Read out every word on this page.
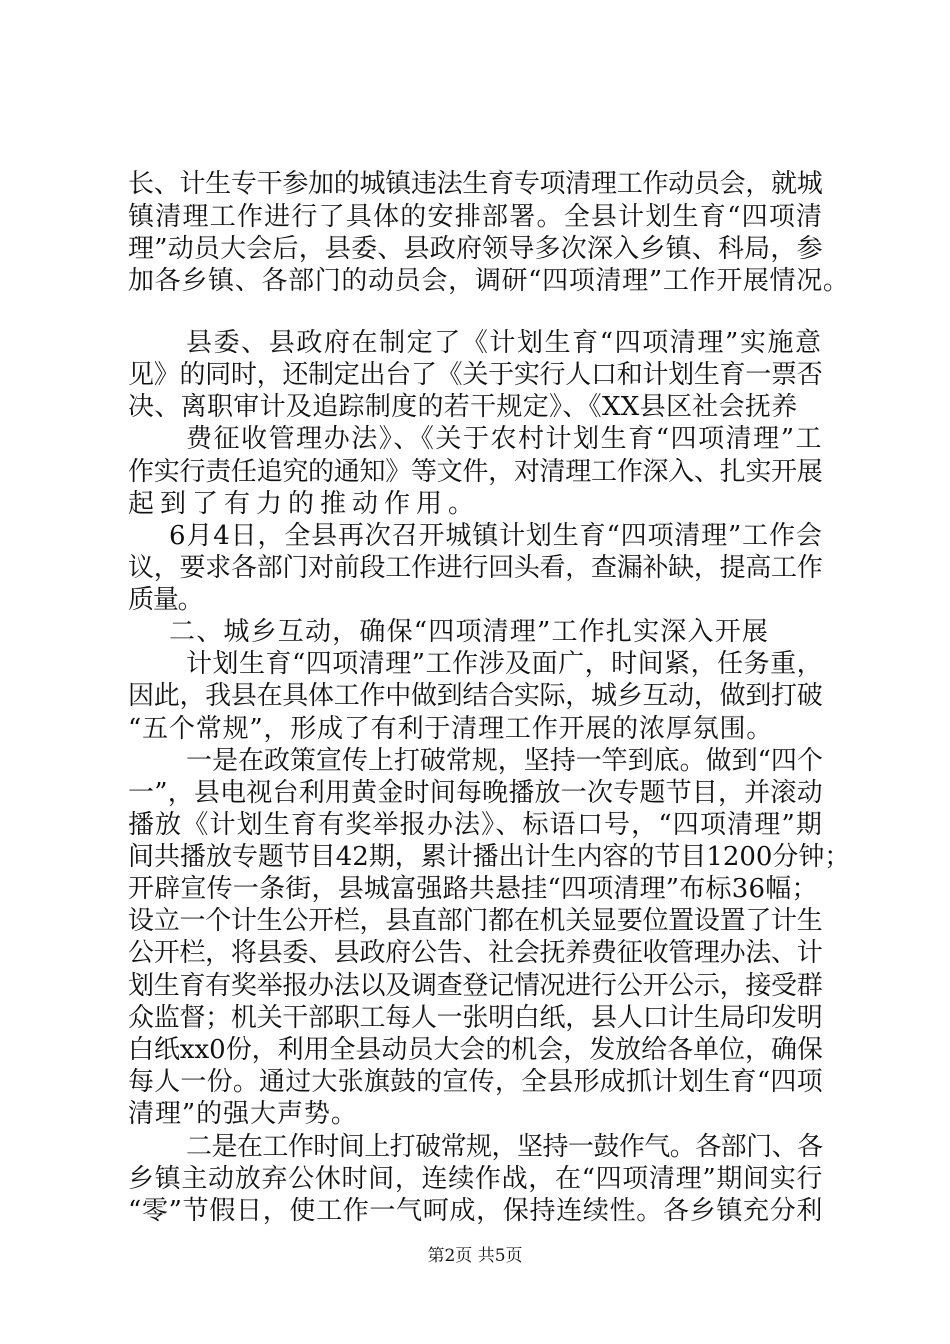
长、计生专干参加的城镇违法生育专项清理工作动员会，就城
镇清理工作进行了具体的安排部署。全县计划生育“四项清
理”动员大会后，县委、县政府领导多次深入乡镇、科局，参
加各乡镇、各部门的动员会，调研“四项清理”工作开展情况。
县委、县政府在制定了《计划生育“四项清理”实施意
见》的同时，还制定出台了《关于实行人口和计划生育一票否
决、离职审计及追踪制度的若干规定》、《XX县区社会抚养
费征收管理办法》、《关于农村计划生育“四项清理”工
作实行责任追究的通知》等文件，对清理工作深入、扎实开展
起到了有力的推动作用。
6月4日，全县再次召开城镇计划生育“四项清理”工作会
议，要求各部门对前段工作进行回头看，查漏补缺，提高工作
质量。
二、城乡互动，确保“四项清理”工作扎实深入开展
计划生育“四项清理”工作涉及面广，时间紧，任务重，
因此，我县在具体工作中做到结合实际，城乡互动，做到打破
“五个常规”，形成了有利于清理工作开展的浓厚氛围。
一是在政策宣传上打破常规，坚持一竿到底。做到“四个
一”，县电视台利用黄金时间每晚播放一次专题节目，并滚动
播放《计划生育有奖举报办法》、标语口号，“四项清理”期
间共播放专题节目42期，累计播出计生内容的节目1200分钟；
开辟宣传一条街，县城富强路共悬挂“四项清理”布标36幅；
设立一个计生公开栏，县直部门都在机关显要位置设置了计生
公开栏，将县委、县政府公告、社会抚养费征收管理办法、计
划生育有奖举报办法以及调查登记情况进行公开公示，接受群
众监督；机关干部职工每人一张明白纸，县人口计生局印发明
白纸xx0份，利用全县动员大会的机会，发放给各单位，确保
每人一份。通过大张旗鼓的宣传，全县形成抓计划生育“四项
清理”的强大声势。
二是在工作时间上打破常规，坚持一鼓作气。各部门、各
乡镇主动放弃公休时间，连续作战，在“四项清理”期间实行
“零”节假日，使工作一气呵成，保持连续性。各乡镇充分利
第2页 共5页
